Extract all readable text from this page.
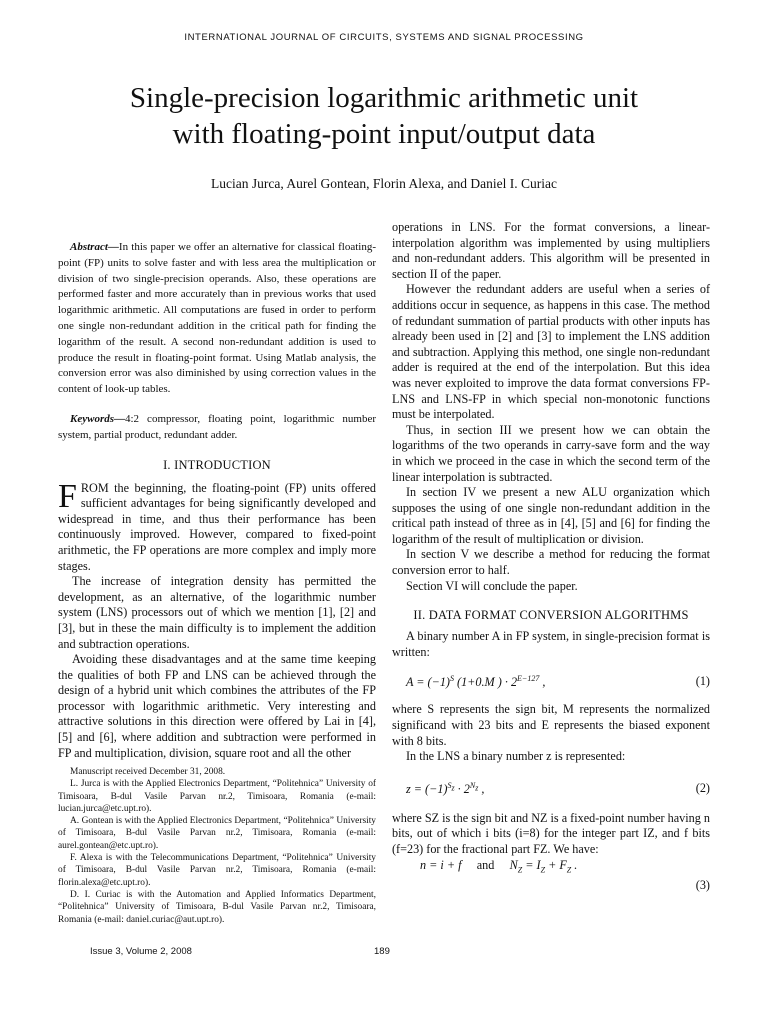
INTERNATIONAL JOURNAL OF CIRCUITS, SYSTEMS AND SIGNAL PROCESSING
Single-precision logarithmic arithmetic unit
with floating-point input/output data
Lucian Jurca, Aurel Gontean, Florin Alexa, and Daniel I. Curiac

Abstract—In this paper we offer an alternative for classical floating-point (FP) units to solve faster and with less area the multiplication or division of two single-precision operands. Also, these operations are performed faster and more accurately than in previous works that used logarithmic arithmetic. All computations are fused in order to perform one single non-redundant addition in the critical path for finding the logarithm of the result. A second non-redundant addition is used to produce the result in floating-point format. Using Matlab analysis, the conversion error was also diminished by using correction values in the content of look-up tables.

Keywords—4:2 compressor, floating point, logarithmic number system, partial product, redundant adder.

I. INTRODUCTION

FROM the beginning, the floating-point (FP) units offered sufficient advantages for being significantly developed and widespread in time, and thus their performance has been continuously improved. However, compared to fixed-point arithmetic, the FP operations are more complex and imply more stages.

The increase of integration density has permitted the development, as an alternative, of the logarithmic number system (LNS) processors out of which we mention [1], [2] and [3], but in these the main difficulty is to implement the addition and subtraction operations.

Avoiding these disadvantages and at the same time keeping the qualities of both FP and LNS can be achieved through the design of a hybrid unit which combines the attributes of the FP processor with logarithmic arithmetic. Very interesting and attractive solutions in this direction were offered by Lai in [4], [5] and [6], where addition and subtraction were performed in FP and multiplication, division, square root and all the other

Manuscript received December 31, 2008.

L. Jurca is with the Applied Electronics Department, “Politehnica” University of Timisoara, B-dul Vasile Parvan nr.2, Timisoara, Romania (e-mail: lucian.jurca@etc.upt.ro).

A. Gontean is with the Applied Electronics Department, “Politehnica” University of Timisoara, B-dul Vasile Parvan nr.2, Timisoara, Romania (e-mail: aurel.gontean@etc.upt.ro).

F. Alexa is with the Telecommunications Department, “Politehnica” University of Timisoara, B-dul Vasile Parvan nr.2, Timisoara, Romania (e-mail: florin.alexa@etc.upt.ro).

D. I. Curiac is with the Automation and Applied Informatics Department, “Politehnica” University of Timisoara, B-dul Vasile Parvan nr.2, Timisoara, Romania (e-mail: daniel.curiac@aut.upt.ro).

operations in LNS. For the format conversions, a linear-interpolation algorithm was implemented by using multipliers and non-redundant adders. This algorithm will be presented in section II of the paper.

However the redundant adders are useful when a series of additions occur in sequence, as happens in this case. The method of redundant summation of partial products with other inputs has already been used in [2] and [3] to implement the LNS addition and subtraction. Applying this method, one single non-redundant adder is required at the end of the interpolation. But this idea was never exploited to improve the data format conversions FP-LNS and LNS-FP in which special non-monotonic functions must be interpolated.

Thus, in section III we present how we can obtain the logarithms of the two operands in carry-save form and the way in which we proceed in the case in which the second term of the linear interpolation is subtracted.

In section IV we present a new ALU organization which supposes the using of one single non-redundant addition in the critical path instead of three as in [4], [5] and [6] for finding the logarithm of the result of multiplication or division.

In section V we describe a method for reducing the format conversion error to half.

Section VI will conclude the paper.

II. DATA FORMAT CONVERSION ALGORITHMS

A binary number A in FP system, in single-precision format is written:

$A = (-1)^S$ (1+0.M ) · $2^{E-127}$ ,	(1)

where S represents the sign bit, M represents the normalized significand with 23 bits and E represents the biased exponent with 8 bits.

In the LNS a binary number z is represented:

$z = (-1)^{S_z} \cdot 2^{N_z}$ ,	(2)

where SZ is the sign bit and NZ is a fixed-point number having n bits, out of which i bits (i=8) for the integer part IZ, and f bits (f=23) for the fractional part FZ. We have:

n = i + f     and     $N_Z = I_Z + F_Z$ .
(3)
Issue 3, Volume 2, 2008	189
